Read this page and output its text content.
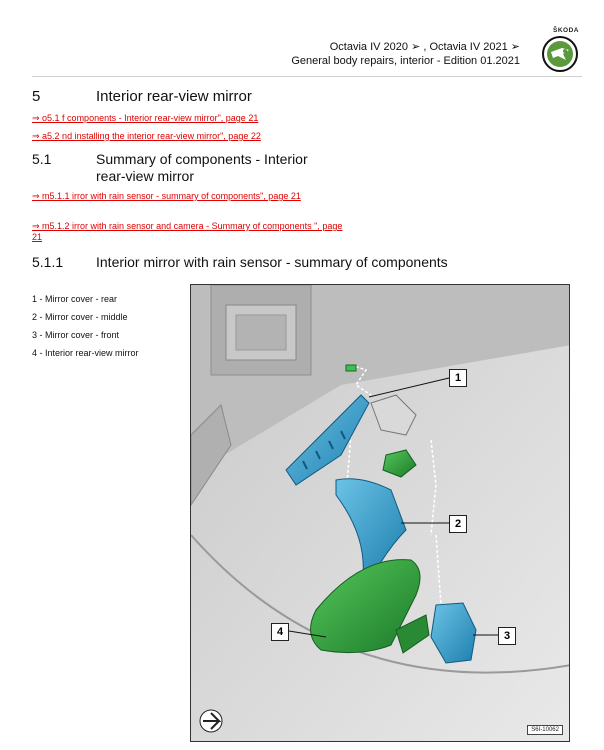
ŠKODA
Octavia IV 2020 ➢ , Octavia IV 2021 ➢
General body repairs, interior - Edition 01.2021
5	Interior rear-view mirror
⇒ o5.1 f components - Interior rear-view mirror", page 21
⇒ a5.2 nd installing the interior rear-view mirror", page 22
5.1	Summary of components - Interior rear-view mirror
⇒ m5.1.1 irror with rain sensor - summary of components", page 21
⇒ m5.1.2 irror with rain sensor and camera - Summary of components ", page 21
5.1.1 Interior mirror with rain sensor - summary of components
1 - Mirror cover - rear
2 - Mirror cover - middle
3 - Mirror cover - front
4 - Interior rear-view mirror
1
2
3
4
S6I-10062
